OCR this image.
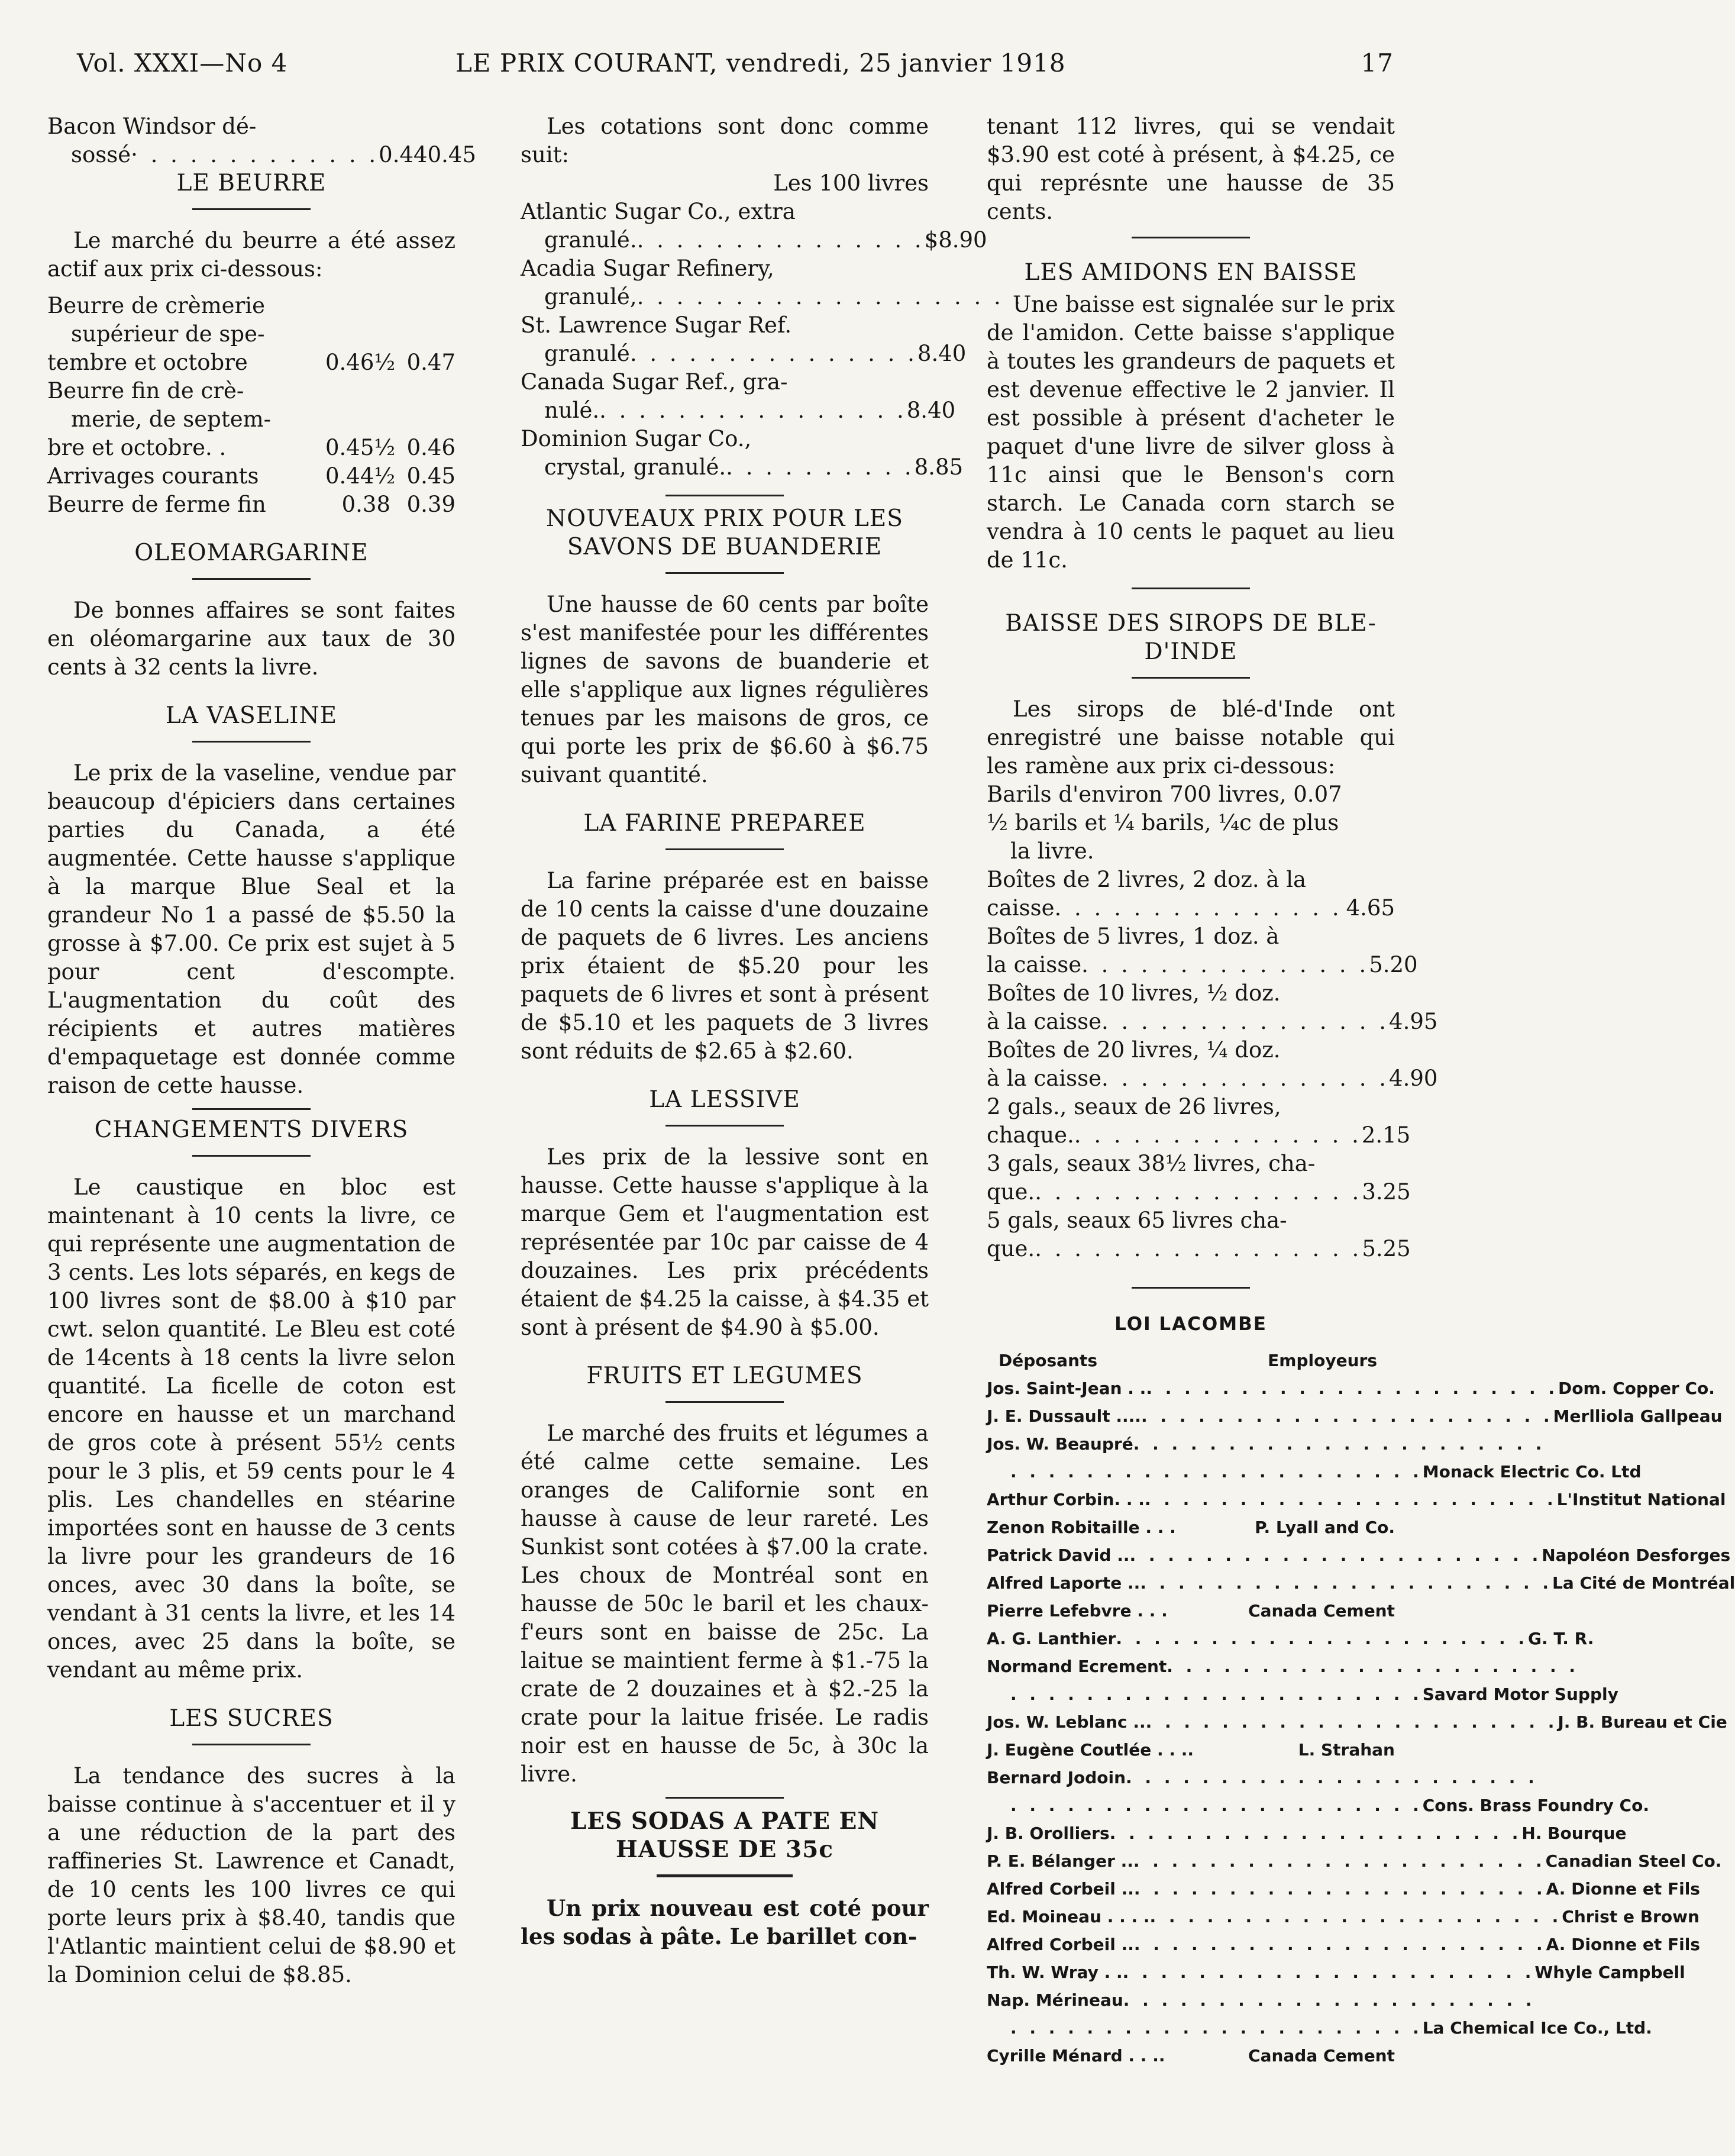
Vol. XXXI—No 4	LE PRIX COURANT, vendredi, 25 janvier 1918	17
Bacon Windsor dé-
sossé · . . . . . . . . . . . . 0.44 0.45
LE BEURRE

Le marché du beurre a été assez actif aux prix ci-dessous:

Beurre de crèmerie
supérieur de spe-
tembre et octobre	0.46½ 0.47
Beurre fin de crè-
merie, de septem-
bre et octobre. .	0.45½ 0.46
Arrivages courants	0.44½ 0.45
Beurre de ferme fin	0.38 0.39
OLEOMARGARINE

De bonnes affaires se sont faites en oléomargarine aux taux de 30 cents à 32 cents la livre.

LA VASELINE

Le prix de la vaseline, vendue par beaucoup d'épiciers dans certaines parties du Canada, a été augmentée. Cette hausse s'applique à la marque Blue Seal et la grandeur No 1 a passé de $5.50 la grosse à $7.00. Ce prix est sujet à 5 pour cent d'escompte. L'augmentation du coût des récipients et autres matières d'empaquetage est donnée comme raison de cette hausse.

CHANGEMENTS DIVERS

Le caustique en bloc est maintenant à 10 cents la livre, ce qui représente une augmentation de 3 cents. Les lots séparés, en kegs de 100 livres sont de $8.00 à $10 par cwt. selon quantité. Le Bleu est coté de 14cents à 18 cents la livre selon quantité. La ficelle de coton est encore en hausse et un marchand de gros cote à présent 55½ cents pour le 3 plis, et 59 cents pour le 4 plis. Les chandelles en stéarine importées sont en hausse de 3 cents la livre pour les grandeurs de 16 onces, avec 30 dans la boîte, se vendant à 31 cents la livre, et les 14 onces, avec 25 dans la boîte, se vendant au même prix.

LES SUCRES

La tendance des sucres à la baisse continue à s'accentuer et il y a une réduction de la part des raffineries St. Lawrence et Canadt, de 10 cents les 100 livres ce qui porte leurs prix à $8.40, tandis que l'Atlantic maintient celui de $8.90 et la Dominion celui de $8.85.

Les cotations sont donc comme suit:

Les 100 livres
Atlantic Sugar Co., extra
granulé. . . . . . . . . . . . . . . . $8.90
Acadia Sugar Refinery,
granulé, . . . . . . . . . . . . . . . . . . . .
St. Lawrence Sugar Ref.
granulé . . . . . . . . . . . . . . . 8.40
Canada Sugar Ref., gra-
nulé. . . . . . . . . . . . . . . . . 8.40
Dominion Sugar Co.,
crystal, granulé. . . . . . . . . . . 8.85
NOUVEAUX PRIX POUR LES SAVONS DE BUANDERIE

Une hausse de 60 cents par boîte s'est manifestée pour les différentes lignes de savons de buanderie et elle s'applique aux lignes régulières tenues par les maisons de gros, ce qui porte les prix de $6.60 à $6.75 suivant quantité.

LA FARINE PREPAREE

La farine préparée est en baisse de 10 cents la caisse d'une douzaine de paquets de 6 livres. Les anciens prix étaient de $5.20 pour les paquets de 6 livres et sont à présent de $5.10 et les paquets de 3 livres sont réduits de $2.65 à $2.60.

LA LESSIVE

Les prix de la lessive sont en hausse. Cette hausse s'applique à la marque Gem et l'augmentation est représentée par 10c par caisse de 4 douzaines. Les prix précédents étaient de $4.25 la caisse, à $4.35 et sont à présent de $4.90 à $5.00.

FRUITS ET LEGUMES

Le marché des fruits et légumes a été calme cette semaine. Les oranges de Californie sont en hausse à cause de leur rareté. Les Sunkist sont cotées à $7.00 la crate. Les choux de Montréal sont en hausse de 50c le baril et les chaux-f'eurs sont en baisse de 25c. La laitue se maintient ferme à $1.-75 la crate de 2 douzaines et à $2.-25 la crate pour la laitue frisée. Le radis noir est en hausse de 5c, à 30c la livre.

LES SODAS A PATE EN HAUSSE DE 35c

Un prix nouveau est coté pour les sodas à pâte. Le barillet con-

tenant 112 livres, qui se vendait $3.90 est coté à présent, à $4.25, ce qui représnte une hausse de 35 cents.

LES AMIDONS EN BAISSE

Une baisse est signalée sur le prix de l'amidon. Cette baisse s'applique à toutes les grandeurs de paquets et est devenue effective le 2 janvier. Il est possible à présent d'acheter le paquet d'une livre de silver gloss à 11c ainsi que le Benson's corn starch. Le Canada corn starch se vendra à 10 cents le paquet au lieu de 11c.

BAISSE DES SIROPS DE BLE-D'INDE

Les sirops de blé-d'Inde ont enregistré une baisse notable qui les ramène aux prix ci-dessous:

Barils d'environ 700 livres, 0.07
½ barils et ¼ barils, ¼c de plus
la livre.
Boîtes de 2 livres, 2 doz. à la
caisse . . . . . . . . . . . . . . . 4.65
Boîtes de 5 livres, 1 doz. à
la caisse . . . . . . . . . . . . . . . 5.20
Boîtes de 10 livres, ½ doz.
à la caisse . . . . . . . . . . . . . . . 4.95
Boîtes de 20 livres, ¼ doz.
à la caisse . . . . . . . . . . . . . . . 4.90
2 gals., seaux de 26 livres,
chaque. . . . . . . . . . . . . . . . 2.15
3 gals, seaux 38½ livres, cha-
que. . . . . . . . . . . . . . . . . . 3.25
5 gals, seaux 65 livres cha-
que. . . . . . . . . . . . . . . . . . 5.25
LOI LACOMBE
Déposants	Employeurs
Jos. Saint-Jean . . . . . . . . . . . . . . . . . . . . . . . . Dom. Copper Co.
J. E. Dussault .... . . . . . . . . . . . . . . . . . . . . . . Merlliola Gallpeau
Jos. W. Beaupré . . . . . . . . . . . . . . . . . . . . . .
. . . . . . . . . . . . . . . . . . . . . . Monack Electric Co. Ltd
Arthur Corbin. . . . . . . . . . . . . . . . . . . . . . . . . L'Institut National
Zenon Robitaille . . .	P. Lyall and Co.
Patrick David .. . . . . . . . . . . . . . . . . . . . . . . Napoléon Desforges
Alfred Laporte .. . . . . . . . . . . . . . . . . . . . . . . La Cité de Montréal
Pierre Lefebvre . . .	Canada Cement
A. G. Lanthier . . . . . . . . . . . . . . . . . . . . . . G. T. R.
Normand Ecrement . . . . . . . . . . . . . . . . . . . . . .
. . . . . . . . . . . . . . . . . . . . . . Savard Motor Supply
Jos. W. Leblanc .. . . . . . . . . . . . . . . . . . . . . . . J. B. Bureau et Cie
J. Eugène Coutlée . . ..	L. Strahan
Bernard Jodoin . . . . . . . . . . . . . . . . . . . . . .
. . . . . . . . . . . . . . . . . . . . . . Cons. Brass Foundry Co.
J. B. Orolliers . . . . . . . . . . . . . . . . . . . . . . H. Bourque
P. E. Bélanger .. . . . . . . . . . . . . . . . . . . . . . . Canadian Steel Co.
Alfred Corbeil .. . . . . . . . . . . . . . . . . . . . . . . A. Dionne et Fils
Ed. Moineau . . . . . . . . . . . . . . . . . . . . . . . . . . Christ e Brown
Alfred Corbeil .. . . . . . . . . . . . . . . . . . . . . . . A. Dionne et Fils
Th. W. Wray . . . . . . . . . . . . . . . . . . . . . . . . Whyle Campbell
Nap. Mérineau . . . . . . . . . . . . . . . . . . . . . .
. . . . . . . . . . . . . . . . . . . . . . La Chemical Ice Co., Ltd.
Cyrille Ménard . . ..	Canada Cement
